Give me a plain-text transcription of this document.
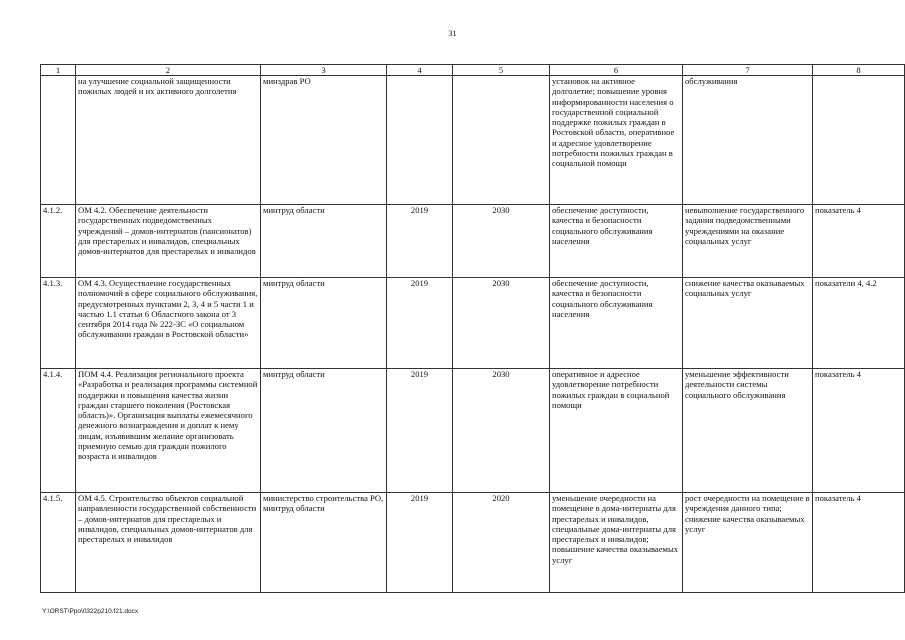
31
1	2	3	4	5	6	7	8
	на улучшение социальной защищенности пожилых людей и их активного долголетия	минздрав РО			установок на активное долголетие; повышение уровня информированности населения о государственной социальной поддержке пожилых граждан в Ростовской области, оперативное и адресное удовлетворение потребности пожилых граждан в социальной помощи	обслуживания	
4.1.2.	ОМ 4.2. Обеспечение деятельности государственных подведомственных учреждений – домов-интернатов (пансионатов) для престарелых и инвалидов, специальных домов-интернатов для престарелых и инвалидов	минтруд области	2019	2030	обеспечение доступности, качества и безопасности социального обслуживания населения	невыполнение государственного задания подведомственными учреждениями на оказание социальных услуг	показатель 4
4.1.3.	ОМ 4.3. Осуществление государственных полномочий в сфере социального обслуживания, предусмотренных пунктами 2, 3, 4 и 5 части 1 и частью 1.1 статьи 6 Областного закона от 3 сентября 2014 года № 222-ЗС «О социальном обслуживании граждан в Ростовской области»	минтруд области	2019	2030	обеспечение доступности, качества и безопасности социального обслуживания населения	снижение качества оказываемых социальных услуг	показатели 4, 4.2
4.1.4.	ПОМ 4.4. Реализация регионального проекта «Разработка и реализация программы системной поддержки и повышения качества жизни граждан старшего поколения (Ростовская область)». Организация выплаты ежемесячного денежного вознаграждения и доплат к нему лицам, изъявившим желание организовать приемную семью для граждан пожилого возраста и инвалидов	минтруд области	2019	2030	оперативное и адресное удовлетворение потребности пожилых граждан в социальной помощи	уменьшение эффективности деятельности системы социального обслуживания	показатель 4
4.1.5.	ОМ 4.5. Строительство объектов социальной направленности государственной собственности – домов-интернатов для престарелых и инвалидов, специальных домов-интернатов для престарелых и инвалидов	министерство строительства РО, минтруд области	2019	2020	уменьшение очередности на помещение в дома-интернаты для престарелых и инвалидов, специальные дома-интернаты для престарелых и инвалидов; повышение качества оказываемых услуг	рост очередности на помещение в учреждения данного типа; снижение качества оказываемых услуг	показатель 4
Y:\ORST\Ppo\0322p210.f21.docx
